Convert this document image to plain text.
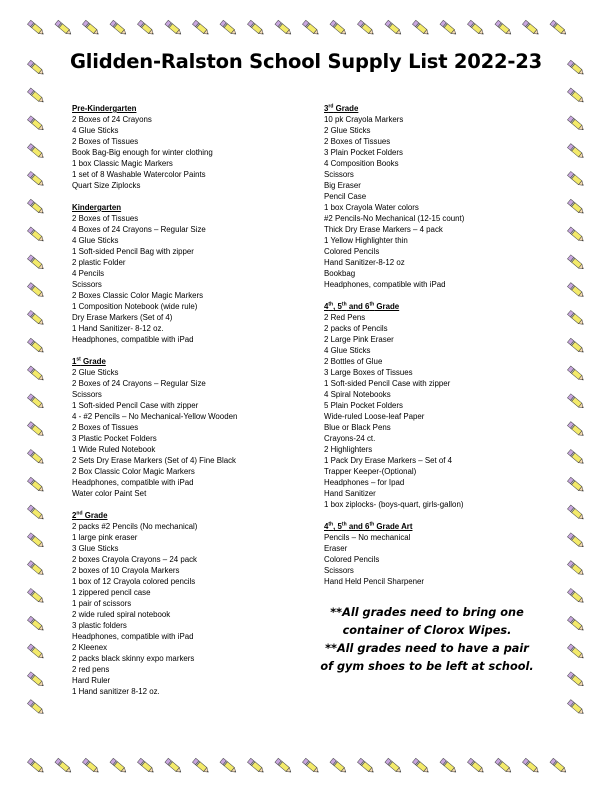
Glidden-Ralston School Supply List 2022-23
Pre-Kindergarten
2 Boxes of 24 Crayons
4 Glue Sticks
2 Boxes of Tissues
Book Bag-Big enough for winter clothing
1 box Classic Magic Markers
1 set of 8 Washable Watercolor Paints
Quart Size Ziplocks
Kindergarten
2 Boxes of Tissues
4 Boxes of 24 Crayons – Regular Size
4 Glue Sticks
1 Soft-sided Pencil Bag with zipper
2 plastic Folder
4 Pencils
Scissors
2 Boxes Classic Color Magic Markers
1 Composition Notebook (wide rule)
Dry Erase Markers (Set of 4)
1 Hand Sanitizer- 8-12 oz.
Headphones, compatible with iPad
1st Grade
2 Glue Sticks
2 Boxes of 24 Crayons – Regular Size
Scissors
1 Soft-sided Pencil Case with zipper
4 - #2 Pencils – No Mechanical-Yellow Wooden
2 Boxes of Tissues
3 Plastic Pocket Folders
1 Wide Ruled Notebook
2 Sets Dry Erase Markers (Set of 4) Fine Black
2 Box Classic Color Magic Markers
Headphones, compatible with iPad
Water color Paint Set
2nd Grade
2 packs #2 Pencils (No mechanical)
1 large pink eraser
3 Glue Sticks
2 boxes Crayola Crayons – 24 pack
2 boxes of 10 Crayola Markers
1 box of 12 Crayola colored pencils
1 zippered pencil case
1 pair of scissors
2 wide ruled spiral notebook
3 plastic folders
Headphones, compatible with iPad
2 Kleenex
2 packs black skinny expo markers
2 red pens
Hard Ruler
1 Hand sanitizer 8-12 oz.
3rd Grade
10 pk Crayola Markers
2 Glue Sticks
2 Boxes of Tissues
3 Plain Pocket Folders
4 Composition Books
Scissors
Big Eraser
Pencil Case
1 box Crayola Water colors
#2 Pencils-No Mechanical (12-15 count)
Thick Dry Erase Markers – 4 pack
1 Yellow Highlighter thin
Colored Pencils
Hand Sanitizer-8-12 oz
Bookbag
Headphones, compatible with iPad
4th, 5th and 6th Grade
2 Red Pens
2 packs of Pencils
2 Large Pink Eraser
4 Glue Sticks
2 Bottles of Glue
3 Large Boxes of Tissues
1 Soft-sided Pencil Case with zipper
4 Spiral Notebooks
5 Plain Pocket Folders
Wide-ruled Loose-leaf Paper
Blue or Black Pens
Crayons-24 ct.
2 Highlighters
1 Pack Dry Erase Markers – Set of 4
Trapper Keeper-(Optional)
Headphones – for Ipad
Hand Sanitizer
1 box ziplocks- (boys-quart, girls-gallon)
4th, 5th and 6th Grade Art
Pencils – No mechanical
Eraser
Colored Pencils
Scissors
Hand Held Pencil Sharpener
**All grades need to bring one container of Clorox Wipes.
**All grades need to have a pair of gym shoes to be left at school.
